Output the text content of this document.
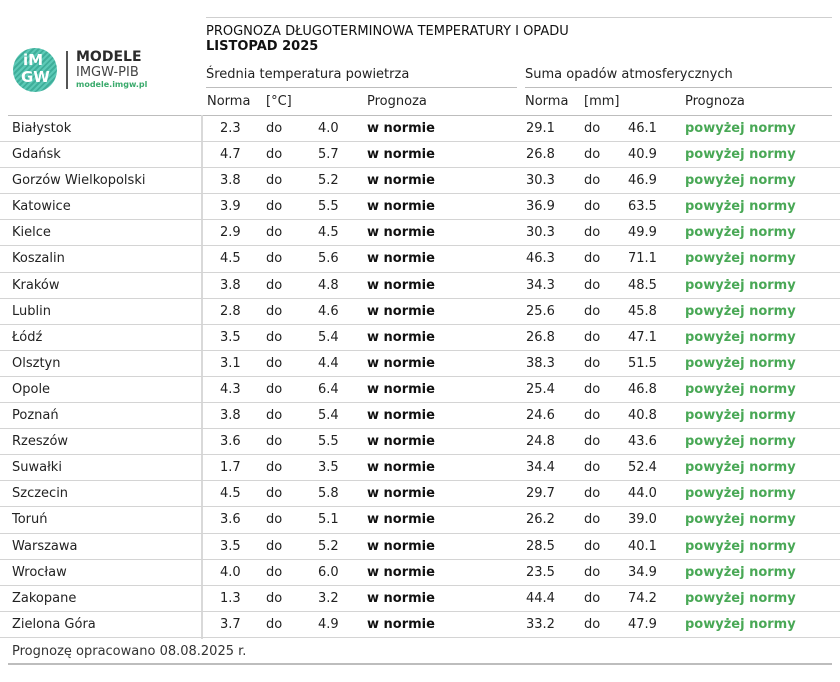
iM
GW
MODELE
IMGW-PIB
modele.imgw.pl
PROGNOZA DŁUGOTERMINOWA TEMPERATURY I OPADU
LISTOPAD 2025
Średnia temperatura powietrza	Suma opadów atmosferycznych
Norma [°C]	Prognoza	Norma [mm]	Prognoza
Białystok	2.3 do	4.0 w normie	29.1 do 46.1 powyżej normy
Gdańsk	4.7 do	5.7 w normie	26.8 do 40.9 powyżej normy
Gorzów Wielkopolski	3.8 do	5.2 w normie	30.3 do 46.9 powyżej normy
Katowice	3.9 do	5.5 w normie	36.9 do 63.5 powyżej normy
Kielce	2.9 do	4.5 w normie	30.3 do 49.9 powyżej normy
Koszalin	4.5 do	5.6 w normie	46.3 do 71.1 powyżej normy
Kraków	3.8 do	4.8 w normie	34.3 do 48.5 powyżej normy
Lublin	2.8 do	4.6 w normie	25.6 do 45.8 powyżej normy
Łódź	3.5 do	5.4 w normie	26.8 do 47.1 powyżej normy
Olsztyn	3.1 do	4.4 w normie	38.3 do 51.5 powyżej normy
Opole	4.3 do	6.4 w normie	25.4 do 46.8 powyżej normy
Poznań	3.8 do	5.4 w normie	24.6 do 40.8 powyżej normy
Rzeszów	3.6 do	5.5 w normie	24.8 do 43.6 powyżej normy
Suwałki	1.7 do	3.5 w normie	34.4 do 52.4 powyżej normy
Szczecin	4.5 do	5.8 w normie	29.7 do 44.0 powyżej normy
Toruń	3.6 do	5.1 w normie	26.2 do 39.0 powyżej normy
Warszawa	3.5 do	5.2 w normie	28.5 do 40.1 powyżej normy
Wrocław	4.0 do	6.0 w normie	23.5 do 34.9 powyżej normy
Zakopane	1.3 do	3.2 w normie	44.4 do 74.2 powyżej normy
Zielona Góra	3.7 do	4.9 w normie	33.2 do 47.9 powyżej normy
Prognozę opracowano 08.08.2025 r.
